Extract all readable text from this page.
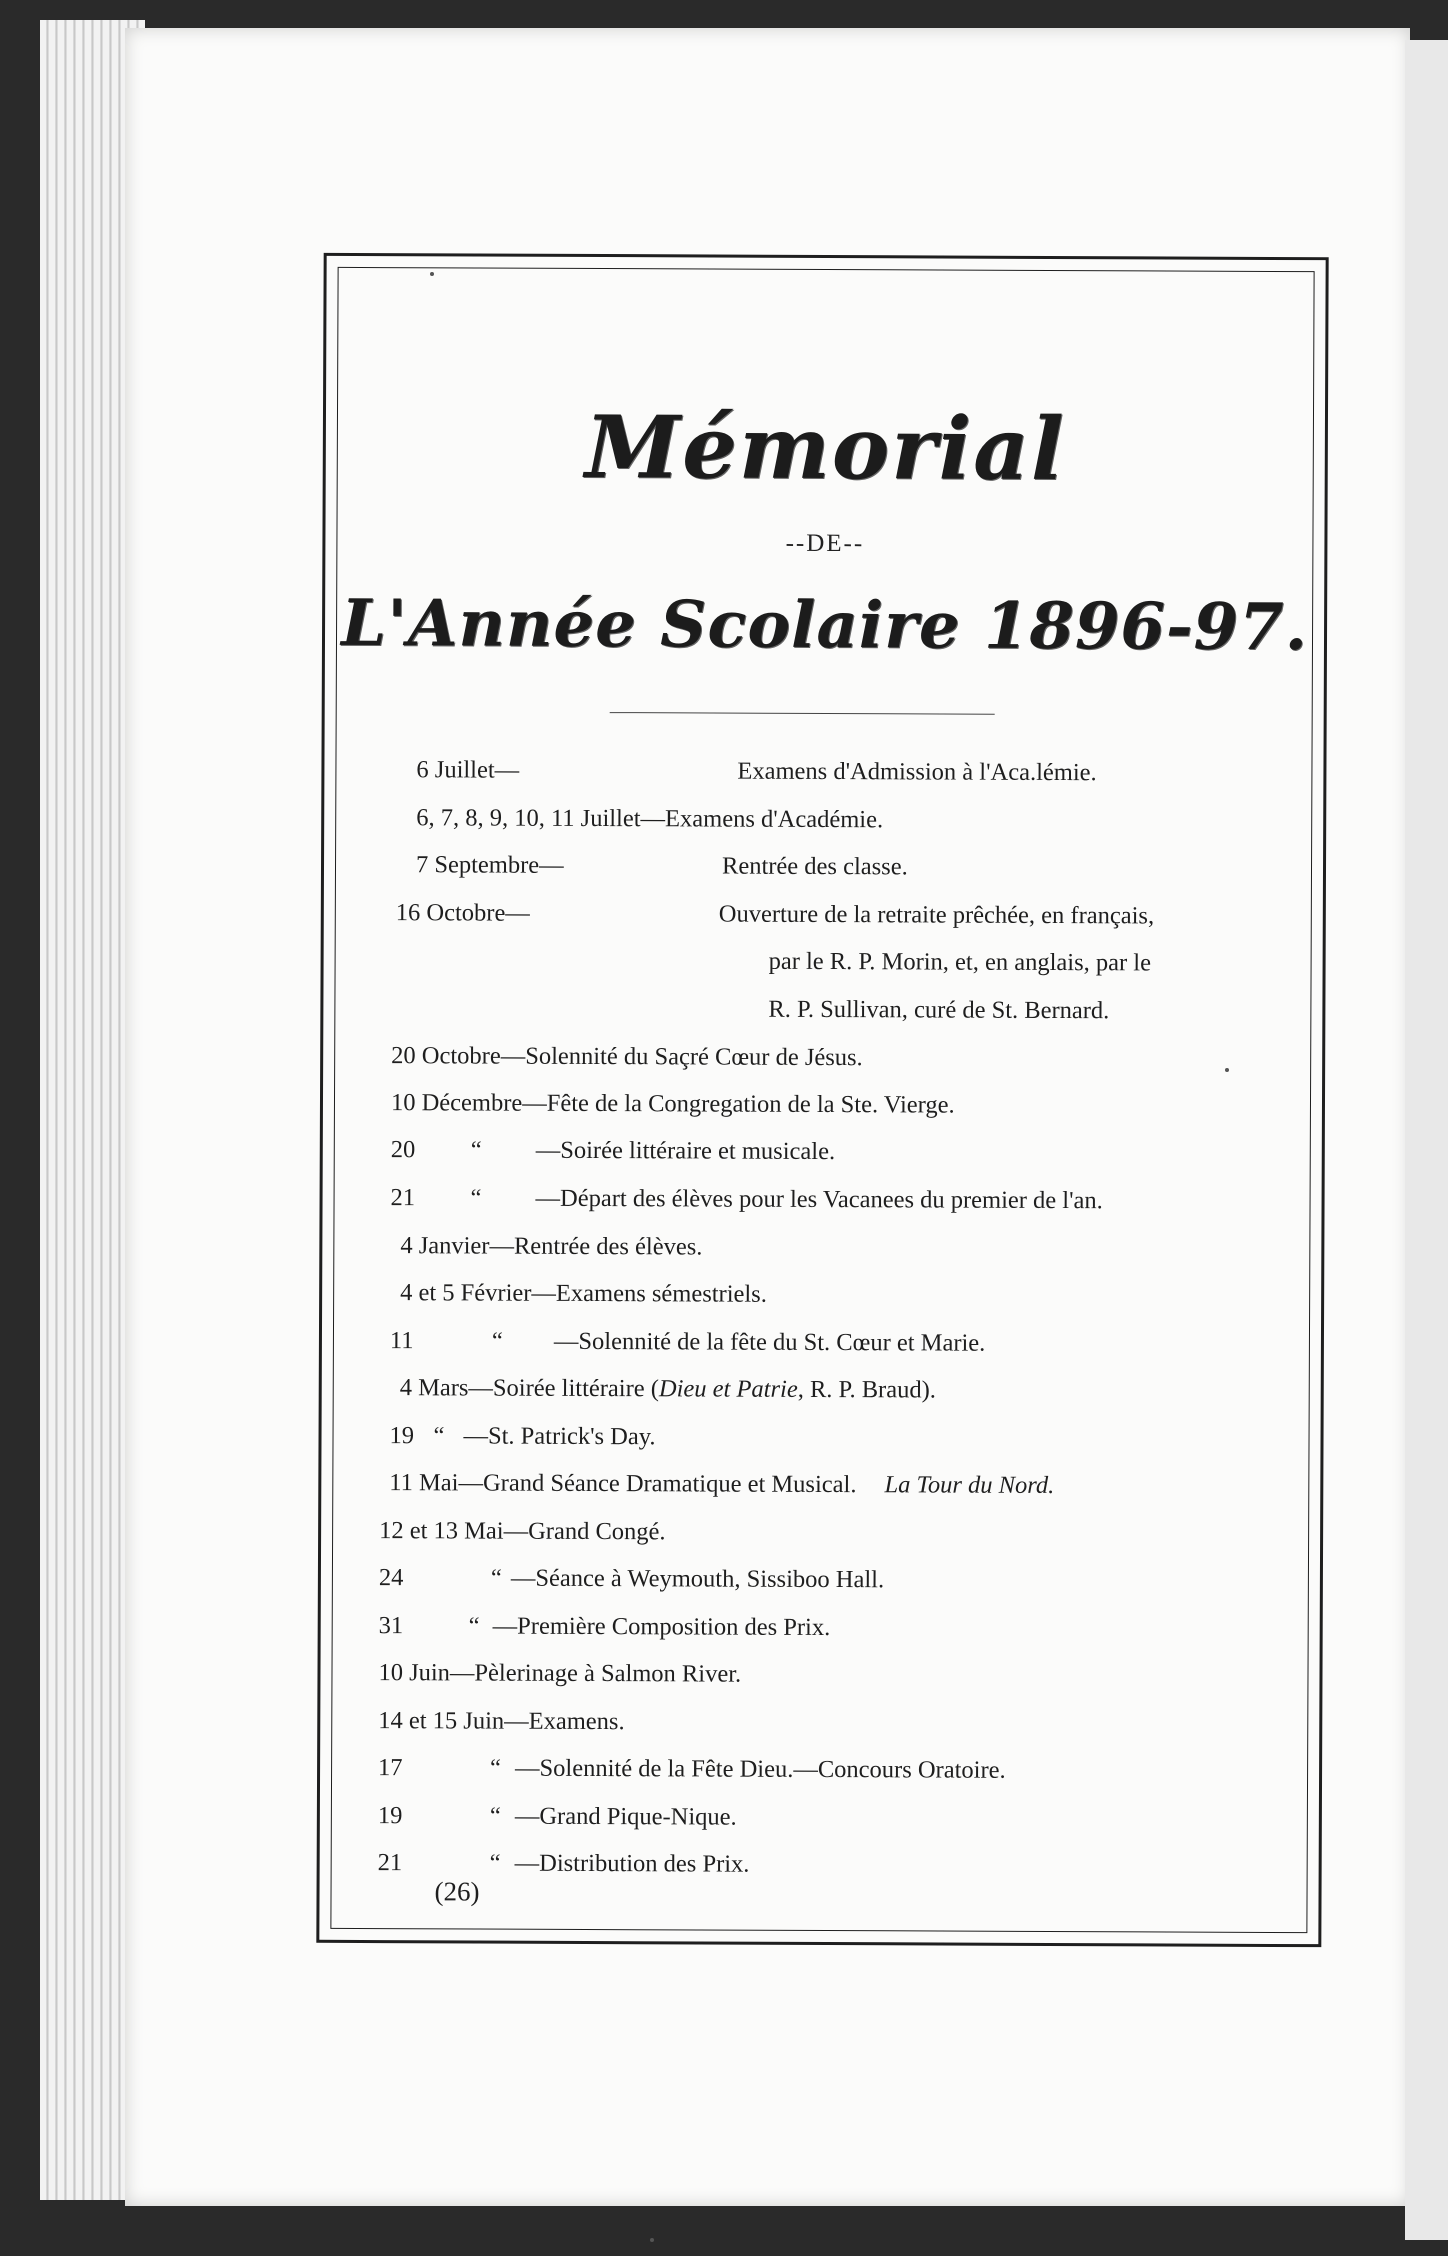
Mémorial
--DE--
L'Année Scolaire 1896-97.
6 Juillet—	Examens d'Admission à l'Aca.lémie.
6, 7, 8, 9, 10, 11 Juillet—Examens d'Académie.
7 Septembre—	Rentrée des classe.
16 Octobre—	Ouverture de la retraite prêchée, en français,
par le R. P. Morin, et, en anglais, par le
R. P. Sullivan, curé de St. Bernard.
20 Octobre—Solennité du Saçré Cœur de Jésus.
10 Décembre—Fête de la Congregation de la Ste. Vierge.
20 “ —Soirée littéraire et musicale.
21 “ —Départ des élèves pour les Vacanees du premier de l'an.
4 Janvier—Rentrée des élèves.
4 et 5 Février—Examens sémestriels.
11	“ —Solennité de la fête du St. Cœur et Marie.
4 Mars—Soirée littéraire (Dieu et Patrie, R. P. Braud).
19 “ —St. Patrick's Day.
11 Mai—Grand Séance Dramatique et Musical. La Tour du Nord.
12 et 13 Mai—Grand Congé.
24	“ —Séance à Weymouth, Sissiboo Hall.
31	“ —Première Composition des Prix.
10 Juin—Pèlerinage à Salmon River.
14 et 15 Juin—Examens.
17	“ —Solennité de la Fête Dieu.—Concours Oratoire.
19	“ —Grand Pique-Nique.
21	“ —Distribution des Prix.
(26)
